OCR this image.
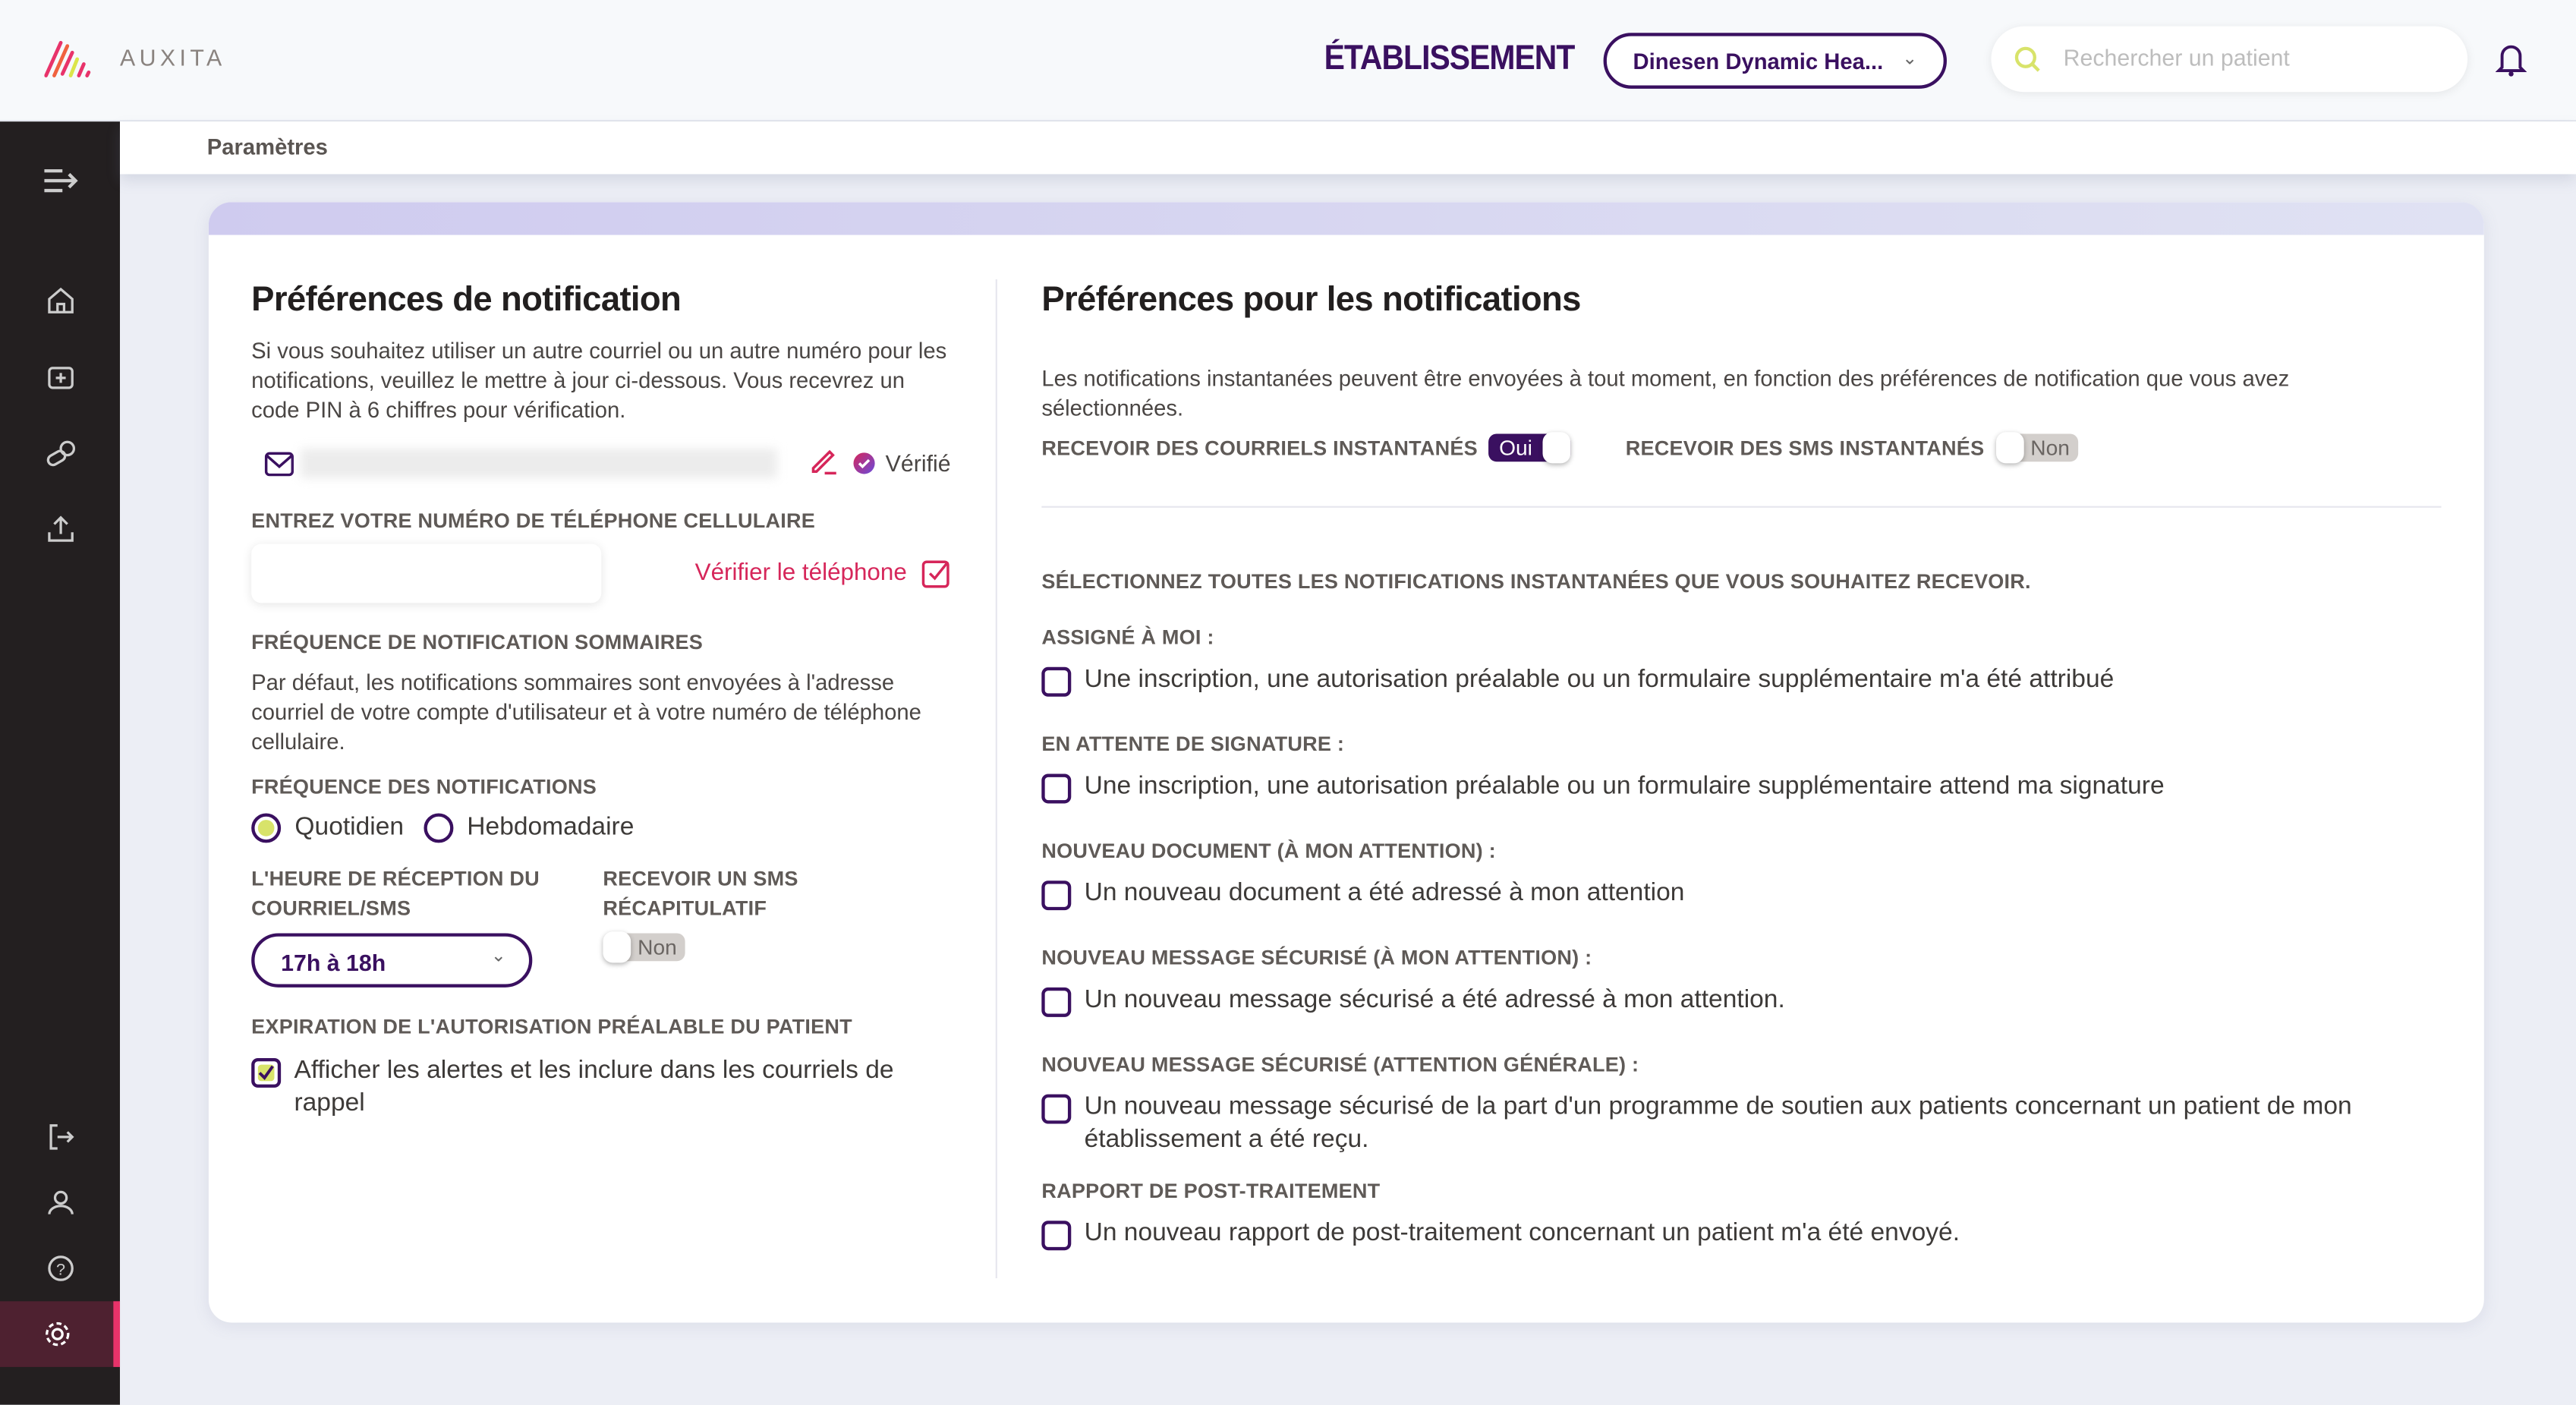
AUXITA	ÉTABLISSEMENT	Dinesen Dynamic Hea... ⌄
Rechercher un patient
?
Paramètres
Préférences de notification
Si vous souhaitez utiliser un autre courriel ou un autre numéro pour les notifications, veuillez le mettre à jour ci-dessous. Vous recevrez un code PIN à 6 chiffres pour vérification.
Vérifié
ENTREZ VOTRE NUMÉRO DE TÉLÉPHONE CELLULAIRE
Vérifier le téléphone
FRÉQUENCE DE NOTIFICATION SOMMAIRES
Par défaut, les notifications sommaires sont envoyées à l'adresse courriel de votre compte d'utilisateur et à votre numéro de téléphone cellulaire.
FRÉQUENCE DES NOTIFICATIONS
Quotidien	Hebdomadaire
L'HEURE DE RÉCEPTION DU COURRIEL/SMS
17h à 18h	⌄
RECEVOIR UN SMS RÉCAPITULATIF
Non
EXPIRATION DE L'AUTORISATION PRÉALABLE DU PATIENT
Afficher les alertes et les inclure dans les courriels de rappel
Préférences pour les notifications
Les notifications instantanées peuvent être envoyées à tout moment, en fonction des préférences de notification que vous avez sélectionnées.
RECEVOIR DES COURRIELS INSTANTANÉS Oui	RECEVOIR DES SMS INSTANTANÉS	Non
SÉLECTIONNEZ TOUTES LES NOTIFICATIONS INSTANTANÉES QUE VOUS SOUHAITEZ RECEVOIR.
ASSIGNÉ À MOI :
Une inscription, une autorisation préalable ou un formulaire supplémentaire m'a été attribué
EN ATTENTE DE SIGNATURE :
Une inscription, une autorisation préalable ou un formulaire supplémentaire attend ma signature
NOUVEAU DOCUMENT (À MON ATTENTION) :
Un nouveau document a été adressé à mon attention
NOUVEAU MESSAGE SÉCURISÉ (À MON ATTENTION) :
Un nouveau message sécurisé a été adressé à mon attention.
NOUVEAU MESSAGE SÉCURISÉ (ATTENTION GÉNÉRALE) :
Un nouveau message sécurisé de la part d'un programme de soutien aux patients concernant un patient de mon établissement a été reçu.
RAPPORT DE POST-TRAITEMENT
Un nouveau rapport de post-traitement concernant un patient m'a été envoyé.
